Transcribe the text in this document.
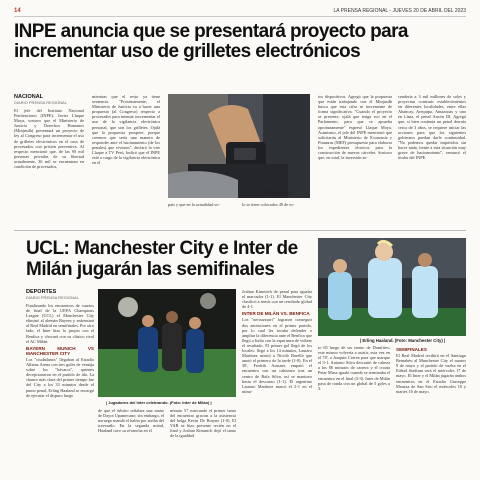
14	LA PRENSA REGIONAL - JUEVES 20 DE ABRIL DEL 2023
INPE anuncia que se presentará proyecto para incrementar uso de grilletes electrónicos
NACIONAL
DIARIO PRENSA REGIONAL
El jefe del Instituto Nacional Penitenciario (INPE), Javier Llaque Moya, sostuvo que el Ministerio de Justicia y Derechos Humanos (Minjusdh) presentará un proyecto de ley al Congreso para incrementar el uso de grilletes electrónicos en el caso de procesados con prisión preventiva. Al respecto mencionó que, de las 90 mil personas privadas de su libertad actualmente, 36 mil se encuentran en condición de procesados,
mientras que el resto ya tiene sentencia. "Próximamente, el Ministerio de Justicia va a hacer una propuesta (al Congreso) respecto a procesados para intentar incrementar el uso de la vigilancia electrónica personal, que son los grilletes. Ojalá que la propuesta prospere, porque creemos que sería una manera de responder ante el hacinamiento (de los penales) que vivimos", declaró la vier Llaque a TV Perú. Indicó que el INPE está a cargo de la vigilancia electrónica en el
| Referencial. |
país y que en la actualidad so-	lo se tiene colocados 49 de es-
tos dispositivos. Agregó que la propuesta que están trabajando con el Minjusdh busca que esta cifra se incremente de forma significativa. "Cuando el proyecto se presente, ojalá que tenga eco en el Parlamento, para que se aprueba oportunamente" expresó Llaque Moya. Asimismo, el jefe del INPE mencionó que solicitarán al Ministerio de Economía y Finanzas (MEF) presupuesto para elaborar los expedientes técnicos para la construcción de nuevas cárceles. Sostuvo que, en total, la inversión as-
cendería a 3 mil millones de soles y proyectan construir establecimientos en diferentes localidades, entre ellas Abancay, Arequipa, Amazonas y uno en Lima, el penal Ancón III. Agregó que, si bien continúa un penal derruía cerca de 3 años, se requiere iniciar las acciones para que los siguientes gobiernos puedan darle continuidad. "No podemos quedar impávidos sin hacer nada, frente a esta situación muy grave de hacinamiento", remarcó el titular del INPE.
UCL: Manchester City e Inter de Milán jugarán las semifinales
DEPORTES
DIARIO PRENSA REGIONAL
Finalizando los encuentros de cuartos de final de la UEFA Champions League (UCL) el Manchester City eliminó al alemán Bayern y enfrentará al Real Madrid en semifinales. Por otro lado, el Inter hizo lo propio con el Benfica y chocará con su clásico rival el AC Milán.
BAYERN MUNICH VS MANCHESTER CITY
Los "ciudadanos" llegaban al Estadio Allianz Arena con tres goles de ventaja sobre los "bávaros", quienes decepcionaron en el partido de ida. La chance más clara del primer tiempo fue del City a los 33 minutos desde el punto penal, Erling Haaland se encargó de ejecutar el disparo luego
| Jugadores del Inter celebrando. (Foto: Inter de Milán) |
de que el árbitro señalara una mano de Dayot Upamecano; sin embargo, el noruego mandó el balón por arriba del travesaño. En la segunda mitad, Haaland tuvo su revancha en el
minuto 57 marcando el primer tanto del encuentro gracias a la asistencia del belga Kevin De Bruyne (1-0). El VAR se hizo presente recién en el final y Joshua Kimmich dejó el tanto de la igualdad
Joshua Kimmich de penal para igualar el marcador (1-1). El Manchester City clasificó a semis con un resultado global de 4-1.
INTER DE MILÁN VS. BENFICA
Los "neroazzurri" lograron conseguir dos anotaciones en el primer partido, por lo cual les tocaba defender o ampliar la diferencia ante el Benfica que llegó a Italia con la esperanza de voltear el resultado. El primer gol llegó de los locales: llegó a los 14 minutos, Lautaro Martínez asistió a Nicolò Barella que anotó el primero de la tarde (1-0). En el 38', Fredrik Aursnes empató el encuentro con un cabezazo tras un centro de Rafa Silva, así se mantuvo hasta el descanso (1-1). El argentino Lautaro Martínez marcó el 2-1 en el minu-
| Erling Haaland. (Foto: Manchester City) |
to 65 luego de un centro de Dumfries; este mismo volvería a asistir, esta vez en el 78', a Joaquín Correa para que marque el 3-1. Antonio Silva descontó de cabeza a los 86 minutos de carrera y el croata Petar Musa igualó cuando se terminaba el encuentro en el final (3-3). Inter de Milán pasa de ronda con un global de 5 goles a 3.
SEMIFINALES
El Real Madrid recibirá en el Santiago Bernabéu al Manchester City el martes 9 de mayo y el partido de vuelta en el Etihad Stadium será el miércoles 17 de mayo. El Inter y el Milán jugarán ambos encuentros en el Estadio Giuseppe Meazza de San Siro el miércoles 10 y martes 16 de mayo.
